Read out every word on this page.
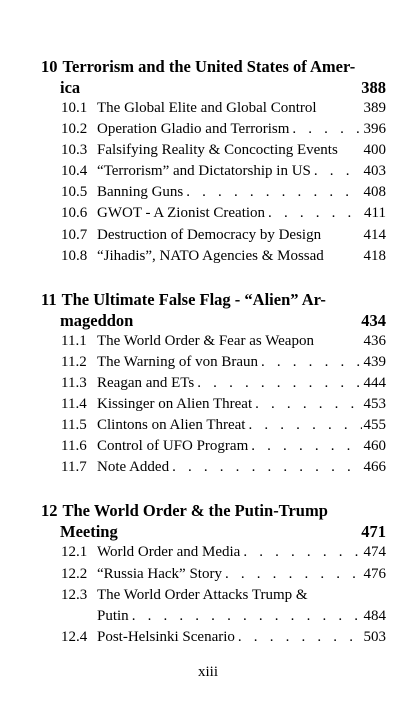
10 Terrorism and the United States of Amer-
ica	388
10.1 The Global Elite and Global Control	389
10.2 Operation Gladio and Terrorism . . .	396
10.3 Falsifying Reality & Concocting Events 400
10.4 “Terrorism” and Dictatorship in US . . .	403
10.5 Banning Guns . . .	408
10.6 GWOT - A Zionist Creation . . .	411
10.7 Destruction of Democracy by Design	414
10.8 “Jihadis”, NATO Agencies & Mossad	418
11 The Ultimate False Flag - “Alien” Ar-
mageddon	434
11.1 The World Order & Fear as Weapon	436
11.2 The Warning of von Braun . . .	439
11.3 Reagan and ETs . . .	444
11.4 Kissinger on Alien Threat . . .	453
11.5 Clintons on Alien Threat . . .	455
11.6 Control of UFO Program . . .	460
11.7 Note Added . . .	466
12 The World Order & the Putin-Trump
Meeting	471
12.1 World Order and Media . . .	474
12.2 “Russia Hack” Story . . .	476
12.3 The World Order Attacks Trump &
Putin . . .	484
12.4 Post-Helsinki Scenario . . .	503
xiii
